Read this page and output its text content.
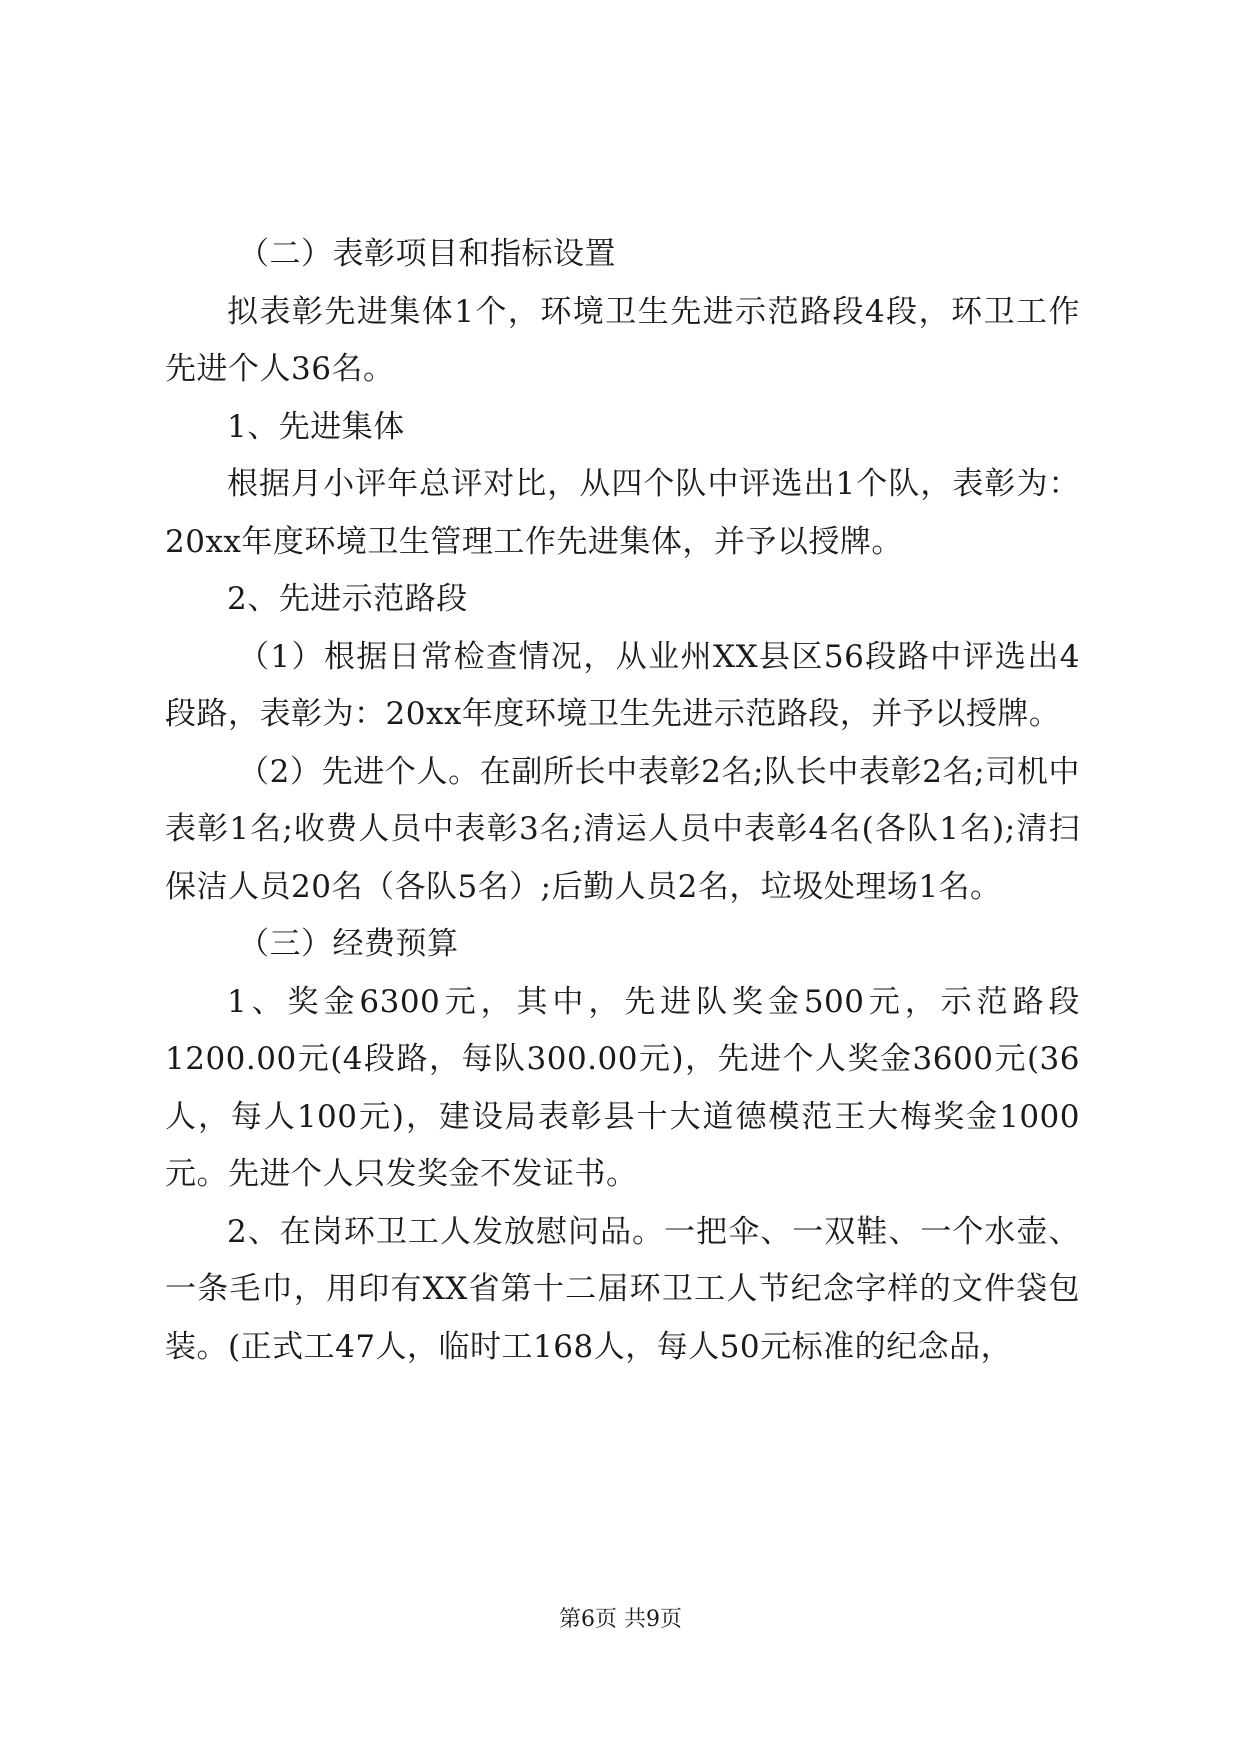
（二）表彰项目和指标设置

拟表彰先进集体1个，环境卫生先进示范路段4段，环卫工作先进个人36名。

1、先进集体

根据月小评年总评对比，从四个队中评选出1个队，表彰为：20xx年度环境卫生管理工作先进集体，并予以授牌。

2、先进示范路段

（1）根据日常检查情况，从业州XX县区56段路中评选出4段路，表彰为：20xx年度环境卫生先进示范路段，并予以授牌。

（2）先进个人。在副所长中表彰2名;队长中表彰2名;司机中表彰1名;收费人员中表彰3名;清运人员中表彰4名(各队1名);清扫保洁人员20名（各队5名）;后勤人员2名，垃圾处理场1名。

（三）经费预算

1、奖金6300元，其中，先进队奖金500元，示范路段1200.00元(4段路，每队300.00元)，先进个人奖金3600元(36人，每人100元)，建设局表彰县十大道德模范王大梅奖金1000元。先进个人只发奖金不发证书。

2、在岗环卫工人发放慰问品。一把伞、一双鞋、一个水壶、一条毛巾，用印有XX省第十二届环卫工人节纪念字样的文件袋包装。(正式工47人，临时工168人，每人50元标准的纪念品，

第6页 共9页
